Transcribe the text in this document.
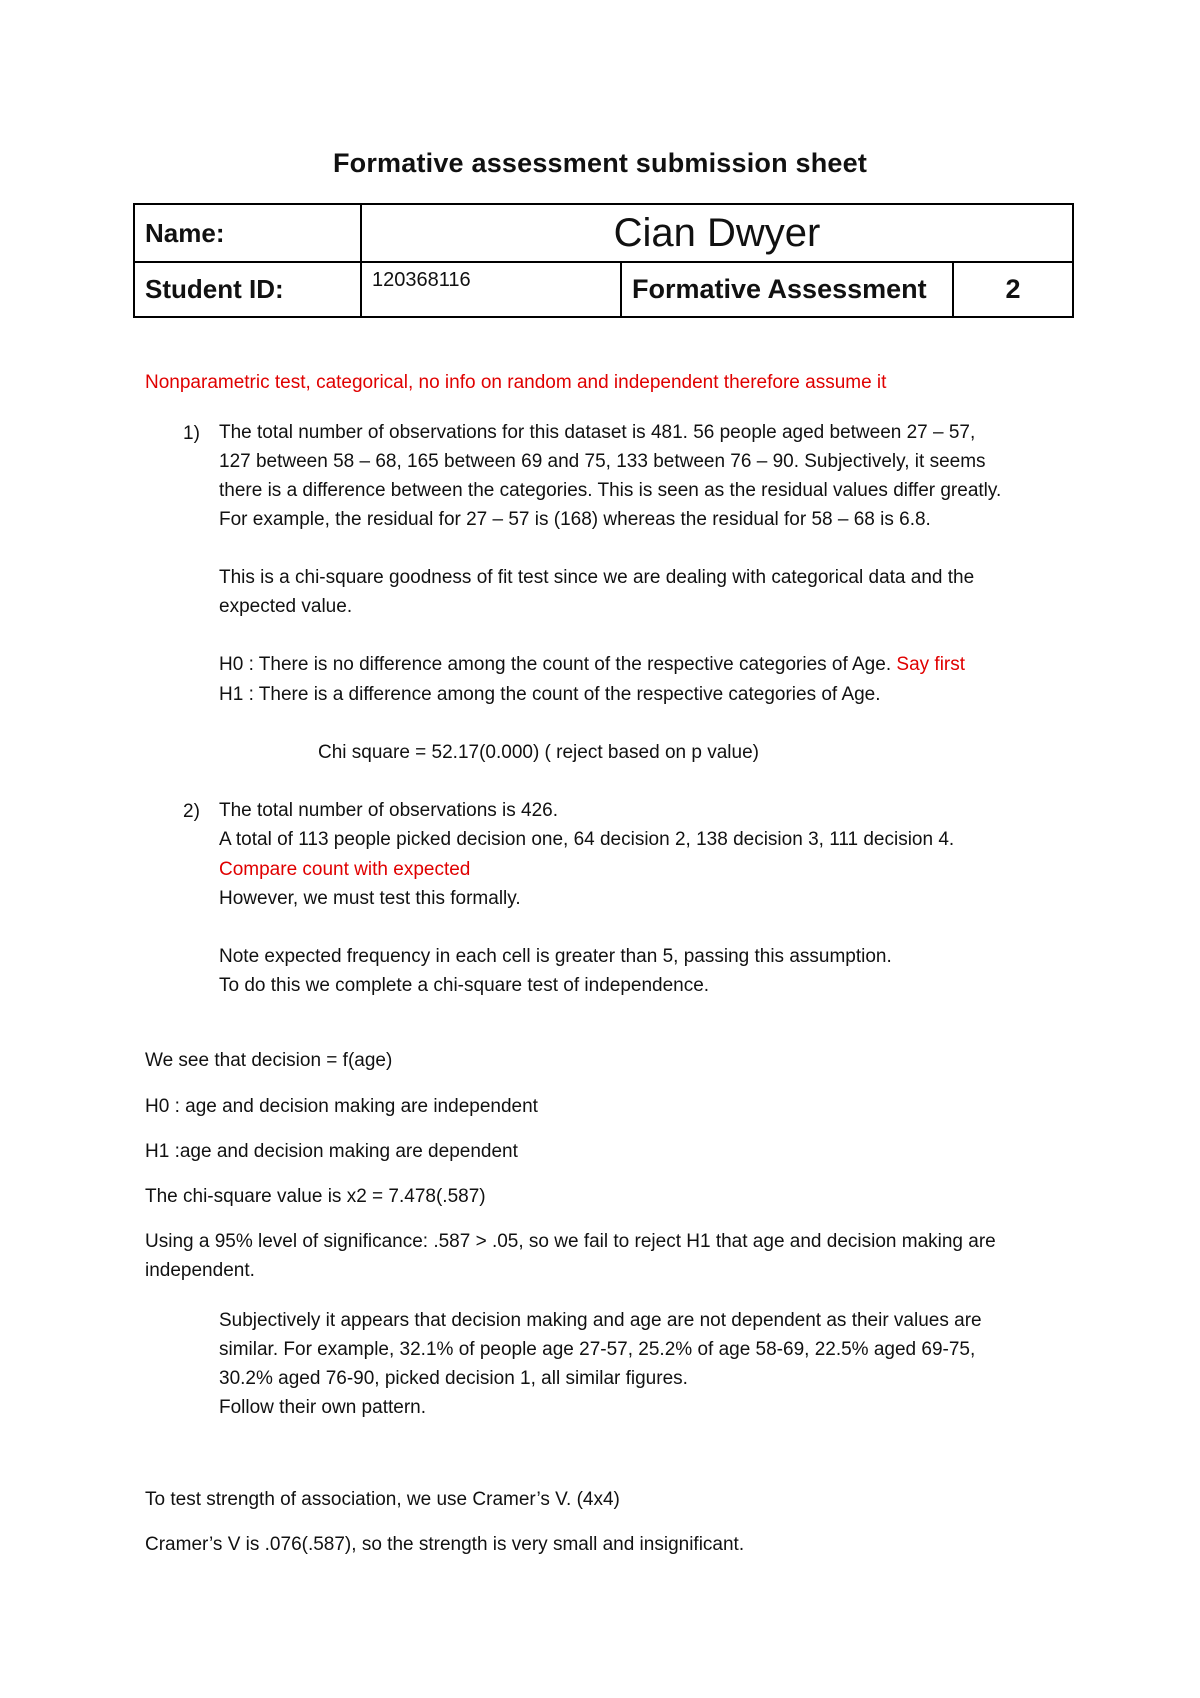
Formative assessment submission sheet
Name:	Cian Dwyer		
Student ID:	120368116	Formative Assessment	2
Nonparametric test, categorical, no info on random and independent therefore assume it
1) The total number of observations for this dataset is 481. 56 people aged between 27 – 57,
127 between 58 – 68, 165 between 69 and 75, 133 between 76 – 90. Subjectively, it seems
there is a difference between the categories. This is seen as the residual values differ greatly.
For example, the residual for 27 – 57 is (168) whereas the residual for 58 – 68 is 6.8.
This is a chi-square goodness of fit test since we are dealing with categorical data and the
expected value.
H0 : There is no difference among the count of the respective categories of Age. Say first
H1 : There is a difference among the count of the respective categories of Age.
Chi square = 52.17(0.000) ( reject based on p value)
2) The total number of observations is 426.
A total of 113 people picked decision one, 64 decision 2, 138 decision 3, 111 decision 4.
Compare count with expected
However, we must test this formally.
Note expected frequency in each cell is greater than 5, passing this assumption.
To do this we complete a chi-square test of independence.
We see that decision = f(age)
H0 : age and decision making are independent
H1 :age and decision making are dependent
The chi-square value is x2 = 7.478(.587)
Using a 95% level of significance: .587 > .05, so we fail to reject H1 that age and decision making are
independent.
Subjectively it appears that decision making and age are not dependent as their values are
similar. For example, 32.1% of people age 27-57, 25.2% of age 58-69, 22.5% aged 69-75,
30.2% aged 76-90, picked decision 1, all similar figures.
Follow their own pattern.
To test strength of association, we use Cramer’s V. (4x4)
Cramer’s V is .076(.587), so the strength is very small and insignificant.
